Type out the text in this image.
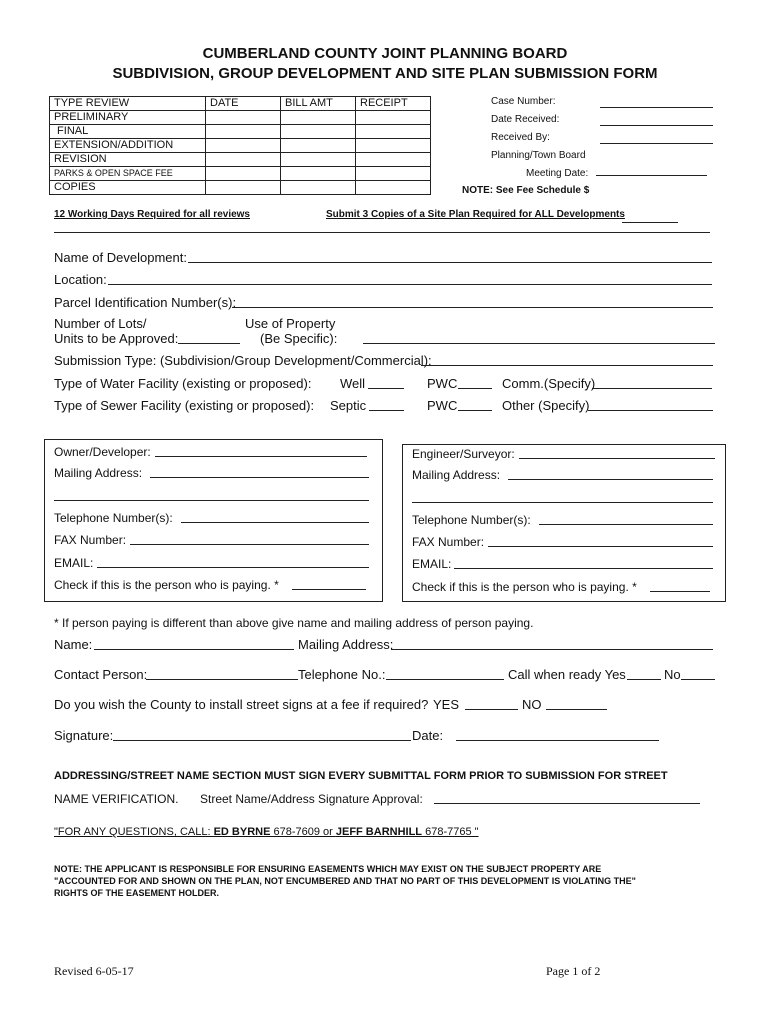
CUMBERLAND COUNTY JOINT PLANNING BOARD
SUBDIVISION, GROUP DEVELOPMENT AND SITE PLAN SUBMISSION FORM
TYPE REVIEW	DATE	BILL AMT	RECEIPT
PRELIMINARY			
FINAL			
EXTENSION/ADDITION			
REVISION			
PARKS & OPEN SPACE FEE			
COPIES			
Case Number:
Date Received:
Received By:
Planning/Town Board
Meeting Date:
NOTE: See Fee Schedule $
12 Working Days Required for all reviews	Submit 3 Copies of a Site Plan Required for ALL Developments
Name of Development:
Location:
Parcel Identification Number(s):
Number of Lots/
Units to be Approved:
Use of Property
(Be Specific):
Submission Type: (Subdivision/Group Development/Commercial):
Type of Water Facility (existing or proposed): Well	PWC	Comm.(Specify)
Type of Sewer Facility (existing or proposed): Septic	PWC	Other (Specify)
Owner/Developer:
Mailing Address:
Telephone Number(s):
FAX Number:
EMAIL:
Check if this is the person who is paying. *
Engineer/Surveyor:
Mailing Address:
Telephone Number(s):
FAX Number:
EMAIL:
Check if this is the person who is paying. *
* If person paying is different than above give name and mailing address of person paying.
Name:	Mailing Address:
Contact Person:	Telephone No.:	Call when ready Yes	No
Do you wish the County to install street signs at a fee if required? YES	NO
Signature:	Date:
ADDRESSING/STREET NAME SECTION MUST SIGN EVERY SUBMITTAL FORM PRIOR TO SUBMISSION FOR STREET
NAME VERIFICATION. Street Name/Address Signature Approval:
"FOR ANY QUESTIONS, CALL: ED BYRNE 678-7609 or JEFF BARNHILL 678-7765 "
NOTE: THE APPLICANT IS RESPONSIBLE FOR ENSURING EASEMENTS WHICH MAY EXIST ON THE SUBJECT PROPERTY ARE
"ACCOUNTED FOR AND SHOWN ON THE PLAN, NOT ENCUMBERED AND THAT NO PART OF THIS DEVELOPMENT IS VIOLATING THE"
RIGHTS OF THE EASEMENT HOLDER.
Revised 6-05-17	Page 1 of 2
